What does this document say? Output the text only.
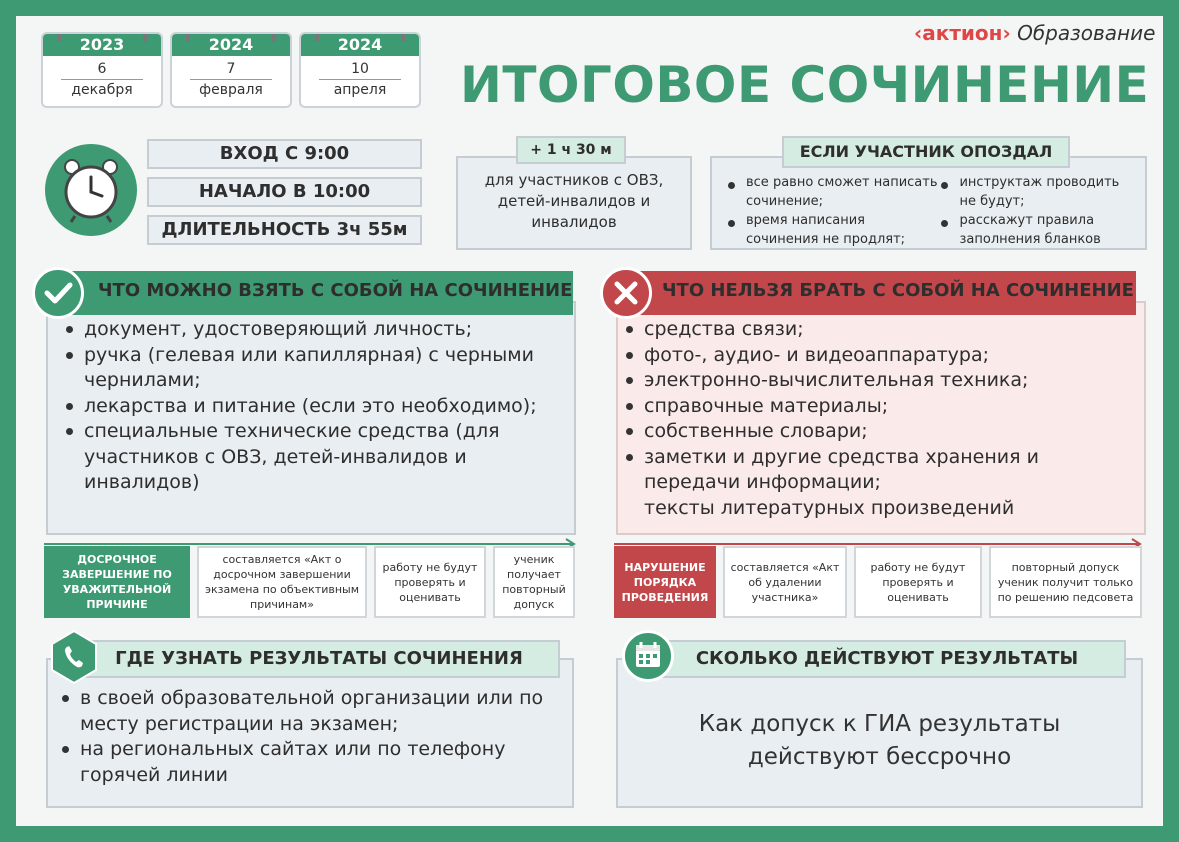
2023
6
декабря
2024
7
февраля
2024
10
апреля
‹актион› Образование
ИТОГОВОЕ СОЧИНЕНИЕ
ВХОД С 9:00
НАЧАЛО В 10:00
ДЛИТЕЛЬНОСТЬ 3ч 55м
для участников с ОВЗ, детей-инвалидов и инвалидов
+ 1 ч 30 м
все равно сможет написать сочинение;
время написания сочинения не продлят;
инструктаж проводить не будут;
расскажут правила заполнения бланков
ЕСЛИ УЧАСТНИК ОПОЗДАЛ
документ, удостоверяющий личность;
ручка (гелевая или капиллярная) с черными чернилами;
лекарства и питание (если это необходимо);
специальные технические средства (для участников с ОВЗ, детей-инвалидов и инвалидов)
ЧТО МОЖНО ВЗЯТЬ С СОБОЙ НА СОЧИНЕНИЕ
средства связи;
фото-, аудио- и видеоаппаратура;
электронно-вычислительная техника;
справочные материалы;
собственные словари;
заметки и другие средства хранения и передачи информации;
тексты литературных произведений
ЧТО НЕЛЬЗЯ БРАТЬ С СОБОЙ НА СОЧИНЕНИЕ
ДОСРОЧНОЕ ЗАВЕРШЕНИЕ ПО УВАЖИТЕЛЬНОЙ ПРИЧИНЕ
составляется «Акт о досрочном завершении экзамена по объективным причинам»
работу не будут проверять и оценивать
ученик получает повторный допуск
НАРУШЕНИЕ ПОРЯДКА ПРОВЕДЕНИЯ
составляется «Акт об удалении участника»
работу не будут проверять и оценивать
повторный допуск ученик получит только по решению педсовета
в своей образовательной организации или по месту регистрации на экзамен;
на региональных сайтах или по телефону горячей линии
ГДЕ УЗНАТЬ РЕЗУЛЬТАТЫ СОЧИНЕНИЯ
Как допуск к ГИА результаты действуют бессрочно
СКОЛЬКО ДЕЙСТВУЮТ РЕЗУЛЬТАТЫ
